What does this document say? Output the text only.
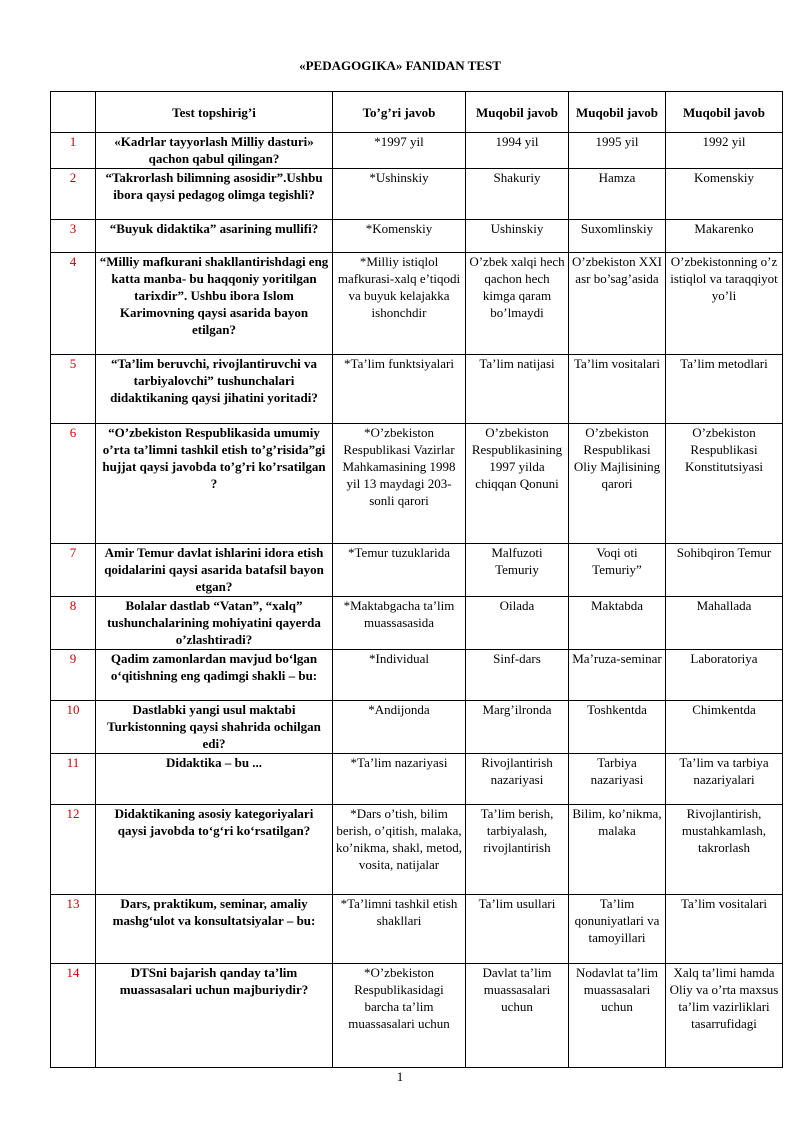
«PEDAGOGIKA» FANIDAN TEST
	Test topshirig’i	To’g’ri javob	Muqobil javob	Muqobil javob	Muqobil javob
1	«Kadrlar tayyorlash Milliy dasturi» qachon qabul qilingan?	*1997 yil	1994 yil	1995 yil	1992 yil
2	“Takrorlash bilimning asosidir”.Ushbu ibora qaysi pedagog olimga tegishli?	*Ushinskiy	Shakuriy	Hamza	Komenskiy
3	“Buyuk didaktika” asarining mullifi?	*Komenskiy	Ushinskiy	Suxomlinskiy	Makarenko
4	“Milliy mafkurani shakllantirishdagi eng katta manba- bu haqqoniy yoritilgan tarixdir”. Ushbu ibora Islom Karimovning qaysi asarida bayon etilgan?	*Milliy istiqlol mafkurasi-xalq e’tiqodi va buyuk kelajakka ishonchdir	O’zbek xalqi hech qachon hech kimga qaram bo’lmaydi	O’zbekiston XXI asr bo’sag’asida	O’zbekistonning o’z istiqlol va taraqqiyot yo’li
5	“Ta’lim beruvchi, rivojlantiruvchi va tarbiyalovchi” tushunchalari didaktikaning qaysi jihatini yoritadi?	*Ta’lim funktsiyalari	Ta’lim natijasi	Ta’lim vositalari	Ta’lim metodlari
6	“O’zbekiston Respublikasida umumiy o’rta ta’limni tashkil etish to’g’risida”gi hujjat qaysi javobda to’g’ri ko’rsatilgan ?	*O’zbekiston Respublikasi Vazirlar Mahkamasining 1998 yil 13 maydagi 203-sonli qarori	O’zbekiston Respublikasining 1997 yilda chiqqan Qonuni	O’zbekiston Respublikasi Oliy Majlisining qarori	O’zbekiston Respublikasi Konstitutsiyasi
7	Amir Temur davlat ishlarini idora etish qoidalarini qaysi asarida batafsil bayon etgan?	*Temur tuzuklarida	Malfuzoti Temuriy	Voqi oti Temuriy”	Sohibqiron Temur
8	Bolalar dastlab “Vatan”, “xalq” tushunchalarining mohiyatini qayerda o’zlashtiradi?	*Maktabgacha ta’lim muassasasida	Oilada	Maktabda	Mahallada
9	Qadim zamonlardan mavjud bo‘lgan o‘qitishning eng qadimgi shakli – bu:	*Individual	Sinf-dars	Ma’ruza-seminar	Laboratoriya
10	Dastlabki yangi usul maktabi Turkistonning qaysi shahrida ochilgan edi?	*Andijonda	Marg’ilronda	Toshkentda	Chimkentda
11	Didaktika – bu ...	*Ta’lim nazariyasi	Rivojlantirish nazariyasi	Tarbiya nazariyasi	Ta’lim va tarbiya nazariyalari
12	Didaktikaning asosiy kategoriyalari qaysi javobda to‘g‘ri ko‘rsatilgan?	*Dars o’tish, bilim berish, o’qitish, malaka, ko’nikma, shakl, metod, vosita, natijalar	Ta’lim berish, tarbiyalash, rivojlantirish	Bilim, ko’nikma, malaka	Rivojlantirish, mustahkamlash, takrorlash
13	Dars, praktikum, seminar, amaliy mashg‘ulot va konsultatsiyalar – bu:	*Ta’limni tashkil etish shakllari	Ta’lim usullari	Ta’lim qonuniyatlari va tamoyillari	Ta’lim vositalari
14	DTSni bajarish qanday ta’lim muassasalari uchun majburiydir?	*O’zbekiston Respublikasidagi barcha ta’lim muassasalari uchun	Davlat ta’lim muassasalari uchun	Nodavlat ta’lim muassasalari uchun	Xalq ta’limi hamda Oliy va o’rta maxsus ta’lim vazirliklari tasarrufidagi
1
